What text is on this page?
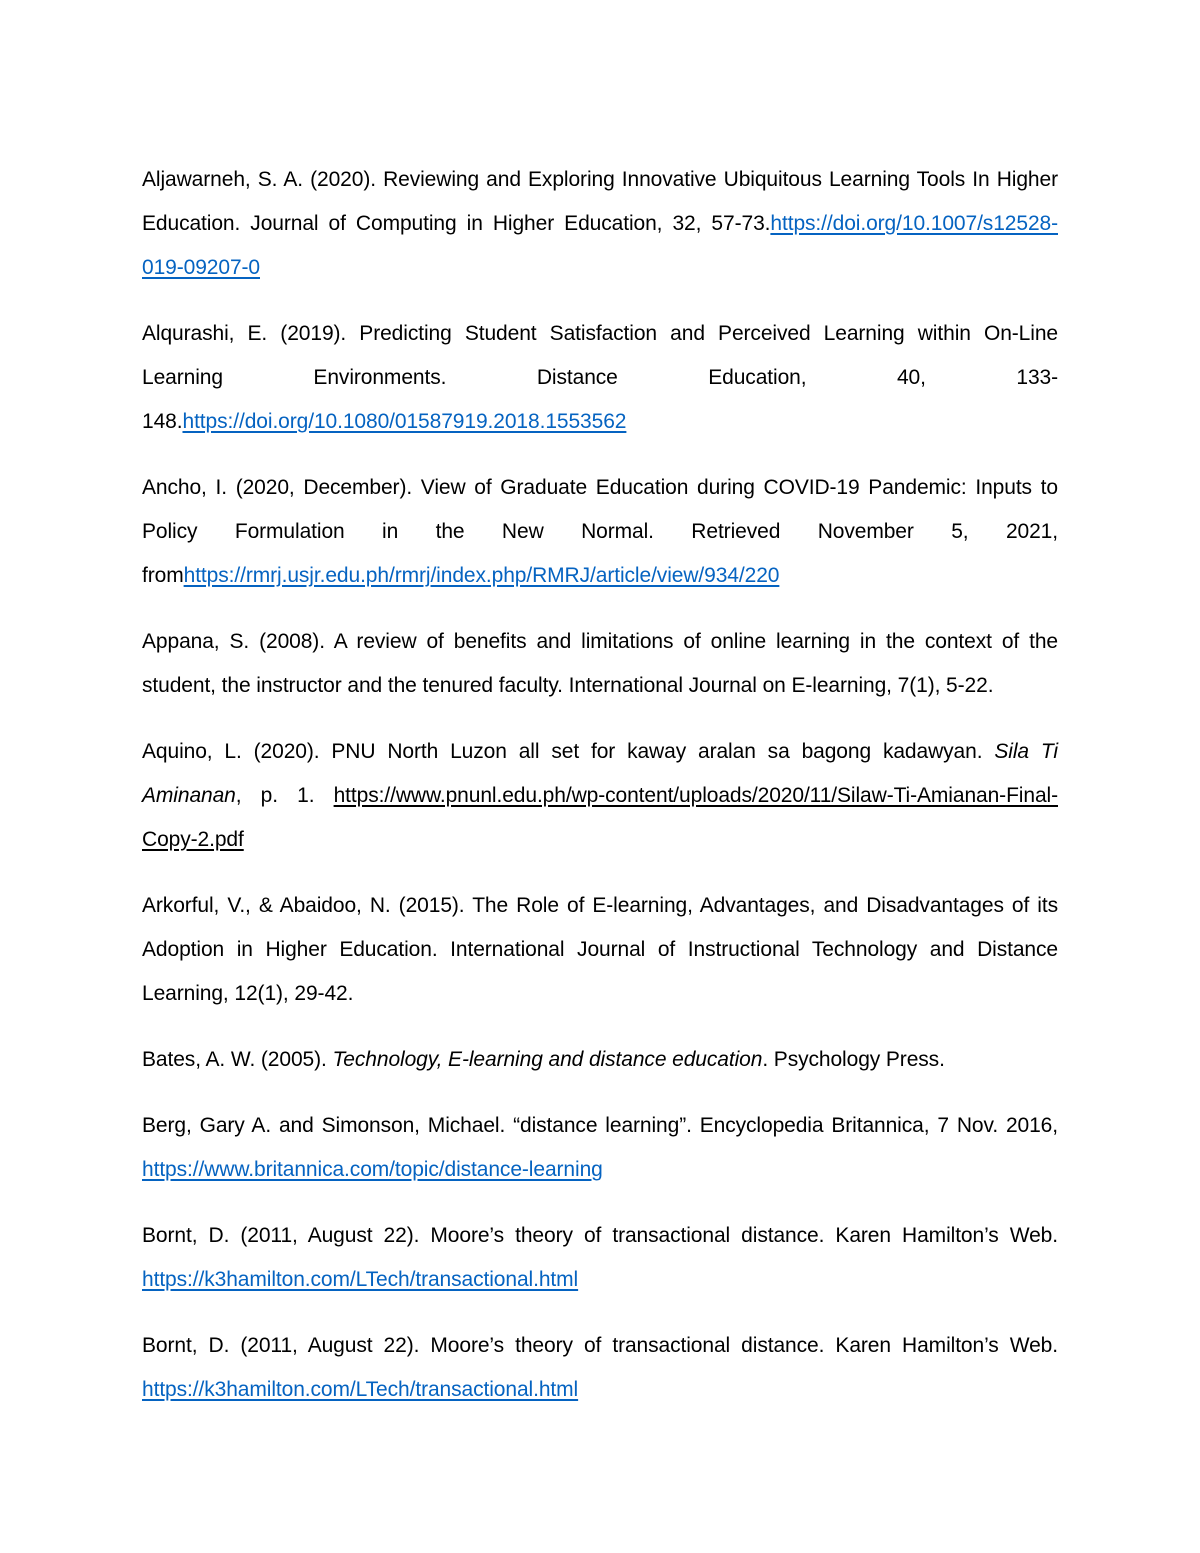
Aljawarneh, S. A. (2020). Reviewing and Exploring Innovative Ubiquitous Learning Tools In Higher Education. Journal of Computing in Higher Education, 32, 57-73.https://doi.org/10.1007/s12528-019-09207-0

Alqurashi, E. (2019). Predicting Student Satisfaction and Perceived Learning within On-Line Learning Environments. Distance Education, 40, 133-148.https://doi.org/10.1080/01587919.2018.1553562

Ancho, I. (2020, December). View of Graduate Education during COVID-19 Pandemic: Inputs to Policy Formulation in the New Normal. Retrieved November 5, 2021, fromhttps://rmrj.usjr.edu.ph/rmrj/index.php/RMRJ/article/view/934/220

Appana, S. (2008). A review of benefits and limitations of online learning in the context of the student, the instructor and the tenured faculty. International Journal on E-learning, 7(1), 5-22.

Aquino, L. (2020). PNU North Luzon all set for kaway aralan sa bagong kadawyan. Sila Ti Aminanan, p. 1. https://www.pnunl.edu.ph/wp-content/uploads/2020/11/Silaw-Ti-Amianan-Final-Copy-2.pdf

Arkorful, V., & Abaidoo, N. (2015). The Role of E-learning, Advantages, and Disadvantages of its Adoption in Higher Education. International Journal of Instructional Technology and Distance Learning, 12(1), 29-42.

Bates, A. W. (2005). Technology, E-learning and distance education. Psychology Press.

Berg, Gary A. and Simonson, Michael. “distance learning”. Encyclopedia Britannica, 7 Nov. 2016, https://www.britannica.com/topic/distance-learning

Bornt, D. (2011, August 22). Moore’s theory of transactional distance. Karen Hamilton’s Web. https://k3hamilton.com/LTech/transactional.html

Bornt, D. (2011, August 22). Moore’s theory of transactional distance. Karen Hamilton’s Web. https://k3hamilton.com/LTech/transactional.html
